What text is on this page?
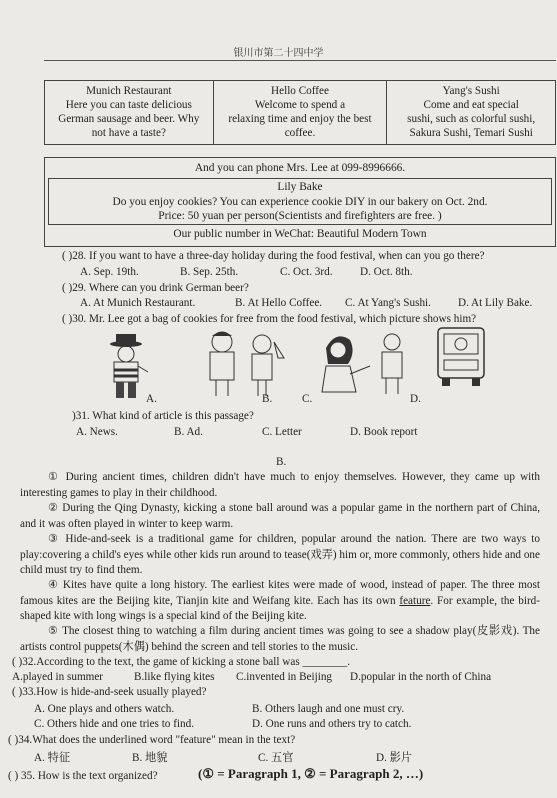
银川市第二十四中学
Munich Restaurant
Here you can taste delicious
German sausage and beer. Why
not have a taste?

Hello Coffee
Welcome to spend a
relaxing time and enjoy the best
coffee.

Yang's Sushi
Come and eat special
sushi, such as colorful sushi,
Sakura Sushi, Temari Sushi
And you can phone Mrs. Lee at 099-8996666.
Lily Bake
Do you enjoy cookies? You can experience cookie DIY in our bakery on Oct. 2nd.
Price: 50 yuan per person(Scientists and firefighters are free. )
Our public number in WeChat: Beautiful Modern Town
( )28. If you want to have a three-day holiday during the food festival, when can you go there?
A. Sep. 19th.	B. Sep. 25th.	C. Oct. 3rd. D. Oct. 8th.
( )29. Where can you drink German beer?
A. At Munich Restaurant.	B. At Hello Coffee. C. At Yang's Sushi. D. At Lily Bake.
( )30. Mr. Lee got a bag of cookies for free from the food festival, which picture shows him?
A.	B.	D.
C.
)31. What kind of article is this passage?
A. News.	B. Ad.	C. Letter	D. Book report
B.
① During ancient times, children didn't have much to enjoy themselves. However, they came up with interesting games to play in their childhood.
② During the Qing Dynasty, kicking a stone ball around was a popular game in the northern part of China, and it was often played in winter to keep warm.
③ Hide-and-seek is a traditional game for children, popular around the nation. There are two ways to play:covering a child's eyes while other kids run around to tease(戏弄) him or, more commonly, others hide and one child must try to find them.
④ Kites have quite a long history. The earliest kites were made of wood, instead of paper. The three most famous kites are the Beijing kite, Tianjin kite and Weifang kite. Each has its own feature. For example, the bird-shaped kite with long wings is a special kind of the Beijing kite.
⑤ The closest thing to watching a film during ancient times was going to see a shadow play(皮影戏). The artists control puppets(木偶) behind the screen and tell stories to the music.
( )32.According to the text, the game of kicking a stone ball was ________.
A.played in summer	B.like flying kites C.invented in Beijing D.popular in the north of China
( )33.How is hide-and-seek usually played?
A. One plays and others watch.	B. Others laugh and one must cry.
C. Others hide and one tries to find.	D. One runs and others try to catch.
( )34.What does the underlined word "feature" mean in the text?
A. 特征	B. 地貌	C. 五官	D. 影片
( ) 35. How is the text organized?	(① = Paragraph 1, ② = Paragraph 2, …)
